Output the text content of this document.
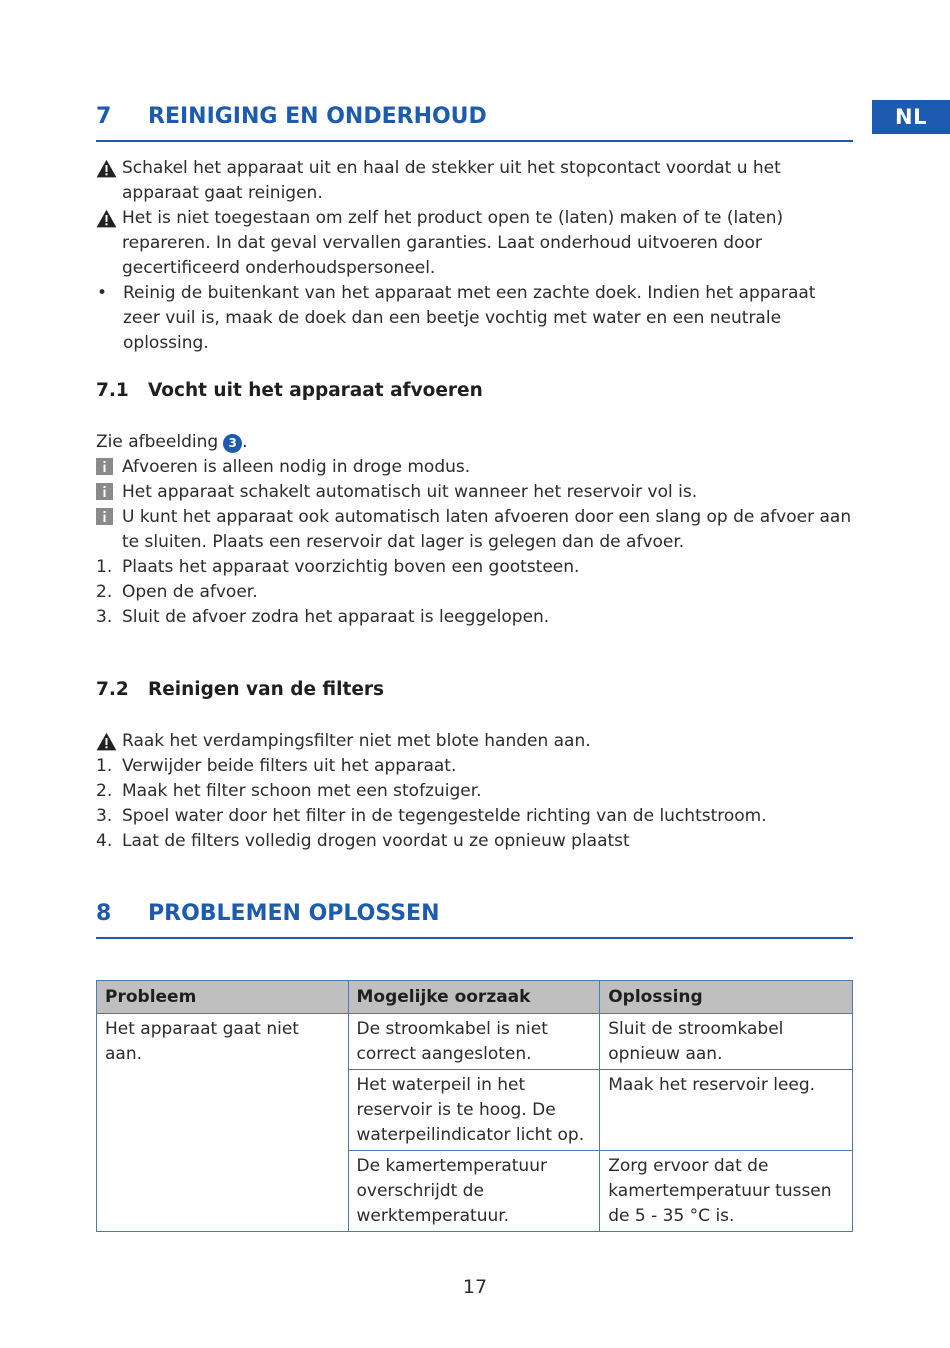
NL
7	REINIGING EN ONDERHOUD
Schakel het apparaat uit en haal de stekker uit het stopcontact voordat u het apparaat gaat reinigen.
Het is niet toegestaan om zelf het product open te (laten) maken of te (laten) repareren. In dat geval vervallen garanties. Laat onderhoud uitvoeren door gecertificeerd onderhoudspersoneel.
• Reinig de buitenkant van het apparaat met een zachte doek. Indien het apparaat zeer vuil is, maak de doek dan een beetje vochtig met water en een neutrale oplossing.
7.1	Vocht uit het apparaat afvoeren
Zie afbeelding 3 .
Afvoeren is alleen nodig in droge modus.
Het apparaat schakelt automatisch uit wanneer het reservoir vol is.
U kunt het apparaat ook automatisch laten afvoeren door een slang op de afvoer aan te sluiten. Plaats een reservoir dat lager is gelegen dan de afvoer.
1. Plaats het apparaat voorzichtig boven een gootsteen.
2. Open de afvoer.
3. Sluit de afvoer zodra het apparaat is leeggelopen.
7.2	Reinigen van de filters
Raak het verdampingsfilter niet met blote handen aan.
1. Verwijder beide filters uit het apparaat.
2. Maak het filter schoon met een stofzuiger.
3. Spoel water door het filter in de tegengestelde richting van de luchtstroom.
4. Laat de filters volledig drogen voordat u ze opnieuw plaatst
8	PROBLEMEN OPLOSSEN
Probleem	Mogelijke oorzaak	Oplossing
Het apparaat gaat niet aan.	De stroomkabel is niet correct aangesloten.	Sluit de stroomkabel opnieuw aan.
	Het waterpeil in het reservoir is te hoog. De waterpeilindicator licht op.	Maak het reservoir leeg.
	De kamertemperatuur overschrijdt de werktemperatuur.	Zorg ervoor dat de kamertemperatuur tussen de 5 - 35 °C is.
17
